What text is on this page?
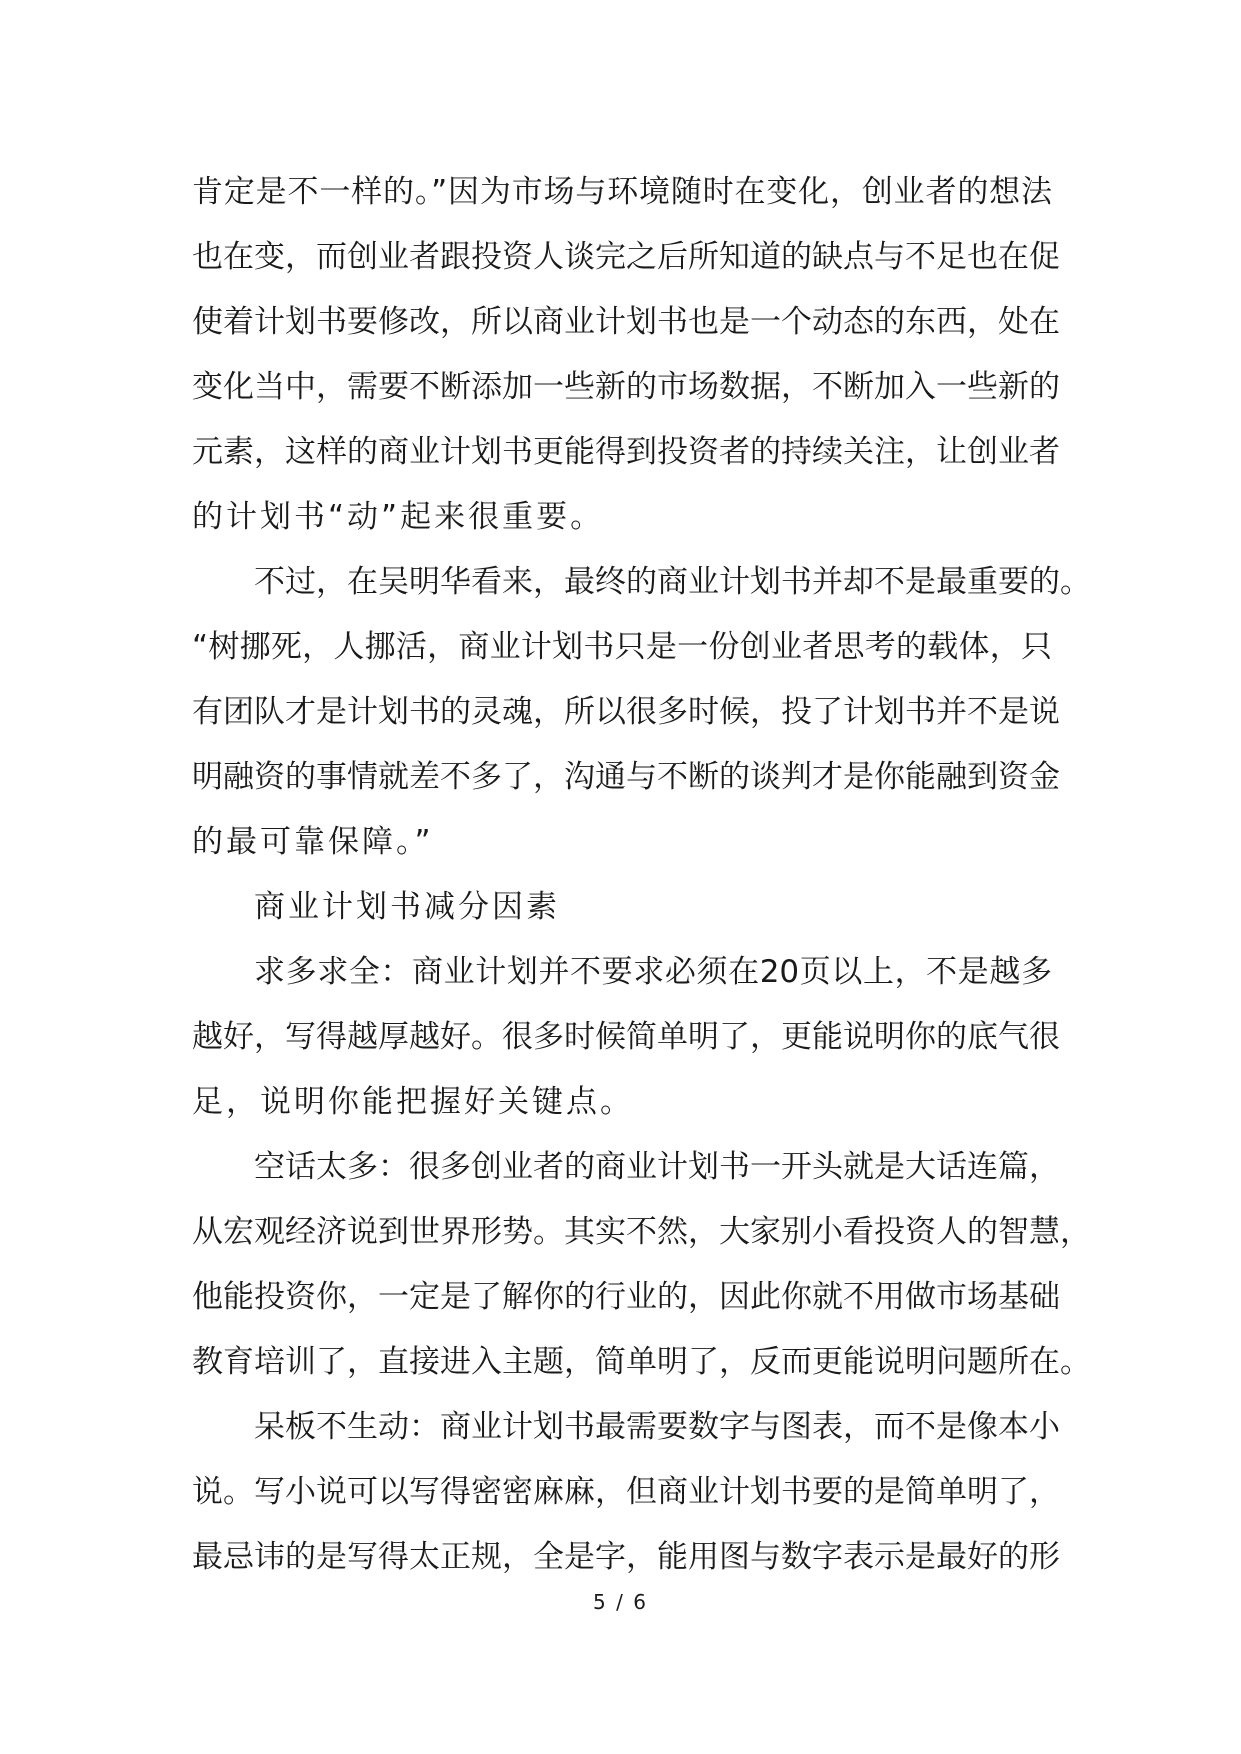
肯定是不一样的。”因为市场与环境随时在变化，创业者的想法
也在变，而创业者跟投资人谈完之后所知道的缺点与不足也在促
使着计划书要修改，所以商业计划书也是一个动态的东西，处在
变化当中，需要不断添加一些新的市场数据，不断加入一些新的
元素，这样的商业计划书更能得到投资者的持续关注，让创业者
的计划书“动”起来很重要。
不过，在吴明华看来，最终的商业计划书并却不是最重要的。
“树挪死，人挪活，商业计划书只是一份创业者思考的载体，只
有团队才是计划书的灵魂，所以很多时候，投了计划书并不是说
明融资的事情就差不多了，沟通与不断的谈判才是你能融到资金
的最可靠保障。”
商业计划书减分因素
求多求全：商业计划并不要求必须在20页以上，不是越多
越好，写得越厚越好。很多时候简单明了，更能说明你的底气很
足，说明你能把握好关键点。
空话太多：很多创业者的商业计划书一开头就是大话连篇，
从宏观经济说到世界形势。其实不然，大家别小看投资人的智慧，
他能投资你，一定是了解你的行业的，因此你就不用做市场基础
教育培训了，直接进入主题，简单明了，反而更能说明问题所在。
呆板不生动：商业计划书最需要数字与图表，而不是像本小
说。写小说可以写得密密麻麻，但商业计划书要的是简单明了，
最忌讳的是写得太正规，全是字，能用图与数字表示是最好的形
5 / 6
